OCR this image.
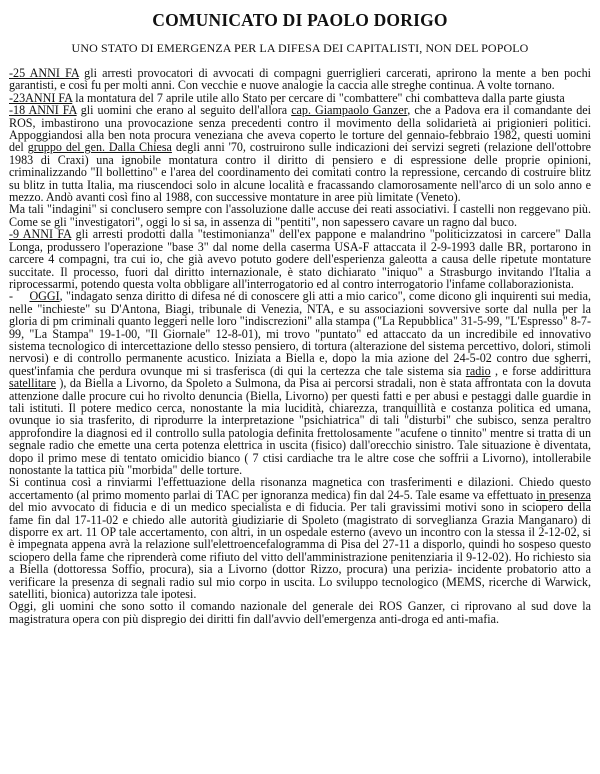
COMUNICATO DI PAOLO DORIGO
UNO STATO DI EMERGENZA PER LA DIFESA DEI CAPITALISTI, NON DEL POPOLO

-25 ANNI FA gli arresti provocatori di avvocati di compagni guerriglieri carcerati, aprirono la mente a ben pochi garantisti, e così fu per molti anni. Con vecchie e nuove analogie la caccia alle streghe continua. A volte tornano.

-23ANNI FA la montatura del 7 aprile utile allo Stato per cercare di "combattere" chi combatteva dalla parte giusta

-18 ANNI FA gli uomini che erano al seguito dell'allora cap. Giampaolo Ganzer, che a Padova era il comandante dei ROS, imbastirono una provocazione senza precedenti contro il movimento della solidarietà ai prigionieri politici. Appoggiandosi alla ben nota procura veneziana che aveva coperto le torture del gennaio-febbraio 1982, questi uomini del gruppo del gen. Dalla Chiesa degli anni '70, costruirono sulle indicazioni dei servizi segreti (relazione dell'ottobre 1983 di Craxi) una ignobile montatura contro il diritto di pensiero e di espressione delle proprie opinioni, criminalizzando "Il bollettino" e l'area del coordinamento dei comitati contro la repressione, cercando di costruire blitz su blitz in tutta Italia, ma riuscendoci solo in alcune località e fracassando clamorosamente nell'arco di un solo anno e mezzo. Andò avanti così fino al 1988, con successive montature in aree più limitate (Veneto).

Ma tali "indagini" si conclusero sempre con l'assoluzione dalle accuse dei reati associativi. I castelli non reggevano più. Come se gli "investigatori", oggi lo si sa, in assenza di "pentiti", non sapessero cavare un ragno dal buco.

-9 ANNI FA gli arresti prodotti dalla "testimonianza" dell'ex pappone e malandrino "politicizzatosi in carcere" Dalla Longa, produssero l'operazione "base 3" dal nome della caserma USA-F attaccata il 2-9-1993 dalle BR, portarono in carcere 4 compagni, tra cui io, che già avevo potuto godere dell'esperienza galeotta a causa delle ripetute montature succitate. Il processo, fuori dal diritto internazionale, è stato dichiarato "iniquo" a Strasburgo invitando l'Italia a riprocessarmi, potendo questa volta obbligare all'interrogatorio ed al contro interrogatorio l'infame collaborazionista.

-     OGGI, "indagato senza diritto di difesa né di conoscere gli atti a mio carico", come dicono gli inquirenti sui media, nelle "inchieste" su D'Antona, Biagi, tribunale di Venezia, NTA, e su associazioni sovversive sorte dal nulla per la gloria di pm criminali quanto leggeri nelle loro "indiscrezioni" alla stampa ("La Repubblica" 31-5-99, "L'Espresso" 8-7-99, "La Stampa" 19-1-00, "Il Giornale" 12-8-01), mi trovo "puntato" ed attaccato da un incredibile ed innovativo sistema tecnologico di intercettazione dello stesso pensiero, di tortura (alterazione del sistema percettivo, dolori, stimoli nervosi) e di controllo permanente acustico. Iniziata a Biella e, dopo la mia azione del 24-5-02 contro due sgherri, quest'infamia che perdura ovunque mi si trasferisca (di qui la certezza che tale sistema sia radio , e forse addirittura satellitare ), da Biella a Livorno, da Spoleto a Sulmona, da Pisa ai percorsi stradali, non è stata affrontata con la dovuta attenzione dalle procure cui ho rivolto denuncia (Biella, Livorno) per questi fatti e per abusi e pestaggi dalle guardie in tali istituti. Il potere medico cerca, nonostante la mia lucidità, chiarezza, tranquillità e costanza politica ed umana, ovunque io sia trasferito, di riprodurre la interpretazione "psichiatrica" di tali "disturbi" che subisco, senza peraltro approfondire la diagnosi ed il controllo sulla patologia definita frettolosamente "acufene o tinnito" mentre si tratta di un segnale radio che emette una certa potenza elettrica in uscita (fisico) dall'orecchio sinistro. Tale situazione è diventata, dopo il primo mese di tentato omicidio bianco ( 7 ctisi cardiache tra le altre cose che soffrii a Livorno), intollerabile nonostante la tattica più "morbida" delle torture.

Si continua così a rinviarmi l'effettuazione della risonanza magnetica con trasferimenti e dilazioni. Chiedo questo accertamento (al primo momento parlai di TAC per ignoranza medica) fin dal 24-5. Tale esame va effettuato in presenza del mio avvocato di fiducia e di un medico specialista e di fiducia. Per tali gravissimi motivi sono in sciopero della fame fin dal 17-11-02 e chiedo alle autorità giudiziarie di Spoleto (magistrato di sorveglianza Grazia Manganaro) di disporre ex art. 11 OP tale accertamento, con altri, in un ospedale esterno (avevo un incontro con la stessa il 2-12-02, si è impegnata appena avrà la relazione sull'elettroencefalogramma di Pisa del 27-11 a disporlo, quindi ho sospeso questo sciopero della fame che riprenderà come rifiuto del vitto dell'amministrazione penitenziaria il 9-12-02). Ho richiesto sia a Biella (dottoressa Soffio, procura), sia a Livorno (dottor Rizzo, procura) una perizia- incidente probatorio atto a verificare la presenza di segnali radio sul mio corpo in uscita. Lo sviluppo tecnologico (MEMS, ricerche di Warwick, satelliti, bionica) autorizza tale ipotesi.

Oggi, gli uomini che sono sotto il comando nazionale del generale dei ROS Ganzer, ci riprovano al sud dove la magistratura opera con più dispregio dei diritti fin dall'avvio dell'emergenza anti-droga ed anti-mafia.
